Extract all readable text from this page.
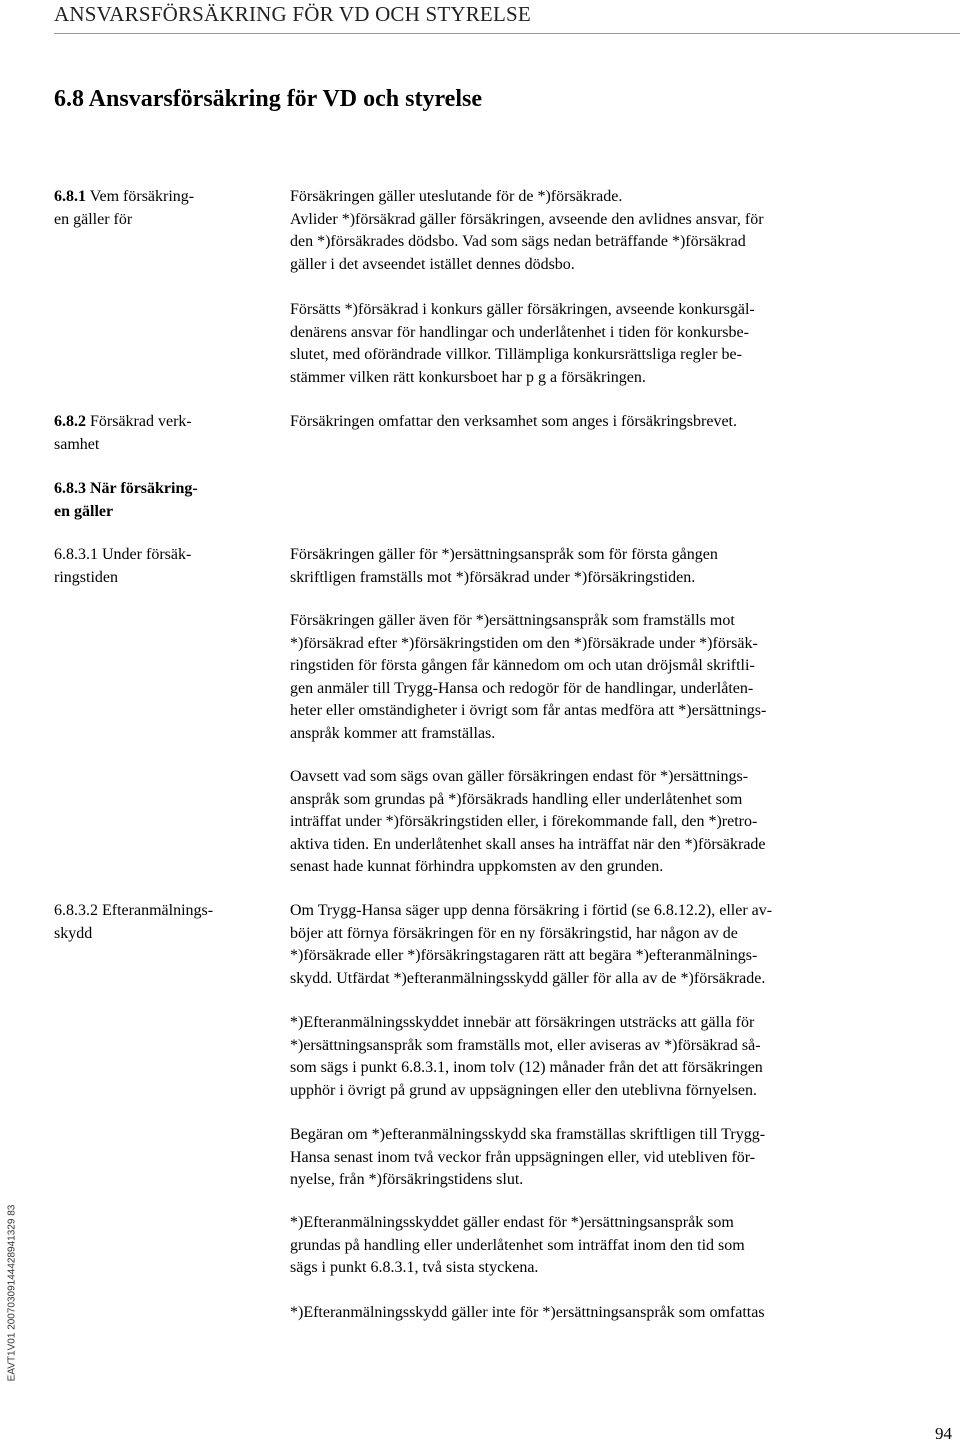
ANSVARSFÖRSÄKRING FÖR VD OCH STYRELSE
6.8 Ansvarsförsäkring för VD och styrelse
6.8.1 Vem försäkring-
en gäller för
Försäkringen gäller uteslutande för de *)försäkrade.
Avlider *)försäkrad gäller försäkringen, avseende den avlidnes ansvar, för
den *)försäkrades dödsbo. Vad som sägs nedan beträffande *)försäkrad
gäller i det avseendet istället dennes dödsbo.
Försätts *)försäkrad i konkurs gäller försäkringen, avseende konkursgäl-
denärens ansvar för handlingar och underlåtenhet i tiden för konkursbe-
slutet, med oförändrade villkor. Tillämpliga konkursrättsliga regler be-
stämmer vilken rätt konkursboet har p g a försäkringen.
6.8.2 Försäkrad verk-
samhet
Försäkringen omfattar den verksamhet som anges i försäkringsbrevet.
6.8.3 När försäkring-
en gäller
6.8.3.1 Under försäk-
ringstiden
Försäkringen gäller för *)ersättningsanspråk som för första gången
skriftligen framställs mot *)försäkrad under *)försäkringstiden.
Försäkringen gäller även för *)ersättningsanspråk som framställs mot
*)försäkrad efter *)försäkringstiden om den *)försäkrade under *)försäk-
ringstiden för första gången får kännedom om och utan dröjsmål skriftli-
gen anmäler till Trygg-Hansa och redogör för de handlingar, underlåten-
heter eller omständigheter i övrigt som får antas medföra att *)ersättnings-
anspråk kommer att framställas.
Oavsett vad som sägs ovan gäller försäkringen endast för *)ersättnings-
anspråk som grundas på *)försäkrads handling eller underlåtenhet som
inträffat under *)försäkringstiden eller, i förekommande fall, den *)retro-
aktiva tiden. En underlåtenhet skall anses ha inträffat när den *)försäkrade
senast hade kunnat förhindra uppkomsten av den grunden.
6.8.3.2 Efteranmälnings-
skydd
Om Trygg-Hansa säger upp denna försäkring i förtid (se 6.8.12.2), eller av-
böjer att förnya försäkringen för en ny försäkringstid, har någon av de
*)försäkrade eller *)försäkringstagaren rätt att begära *)efteranmälnings-
skydd. Utfärdat *)efteranmälningsskydd gäller för alla av de *)försäkrade.
*)Efteranmälningsskyddet innebär att försäkringen utsträcks att gälla för
*)ersättningsanspråk som framställs mot, eller aviseras av *)försäkrad så-
som sägs i punkt 6.8.3.1, inom tolv (12) månader från det att försäkringen
upphör i övrigt på grund av uppsägningen eller den uteblivna förnyelsen.
Begäran om *)efteranmälningsskydd ska framställas skriftligen till Trygg-
Hansa senast inom två veckor från uppsägningen eller, vid utebliven för-
nyelse, från *)försäkringstidens slut.
*)Efteranmälningsskyddet gäller endast för *)ersättningsanspråk som
grundas på handling eller underlåtenhet som inträffat inom den tid som
sägs i punkt 6.8.3.1, två sista styckena.
*)Efteranmälningsskydd gäller inte för *)ersättningsanspråk som omfattas
EAVT1V01 20070309144428941329 83
94
